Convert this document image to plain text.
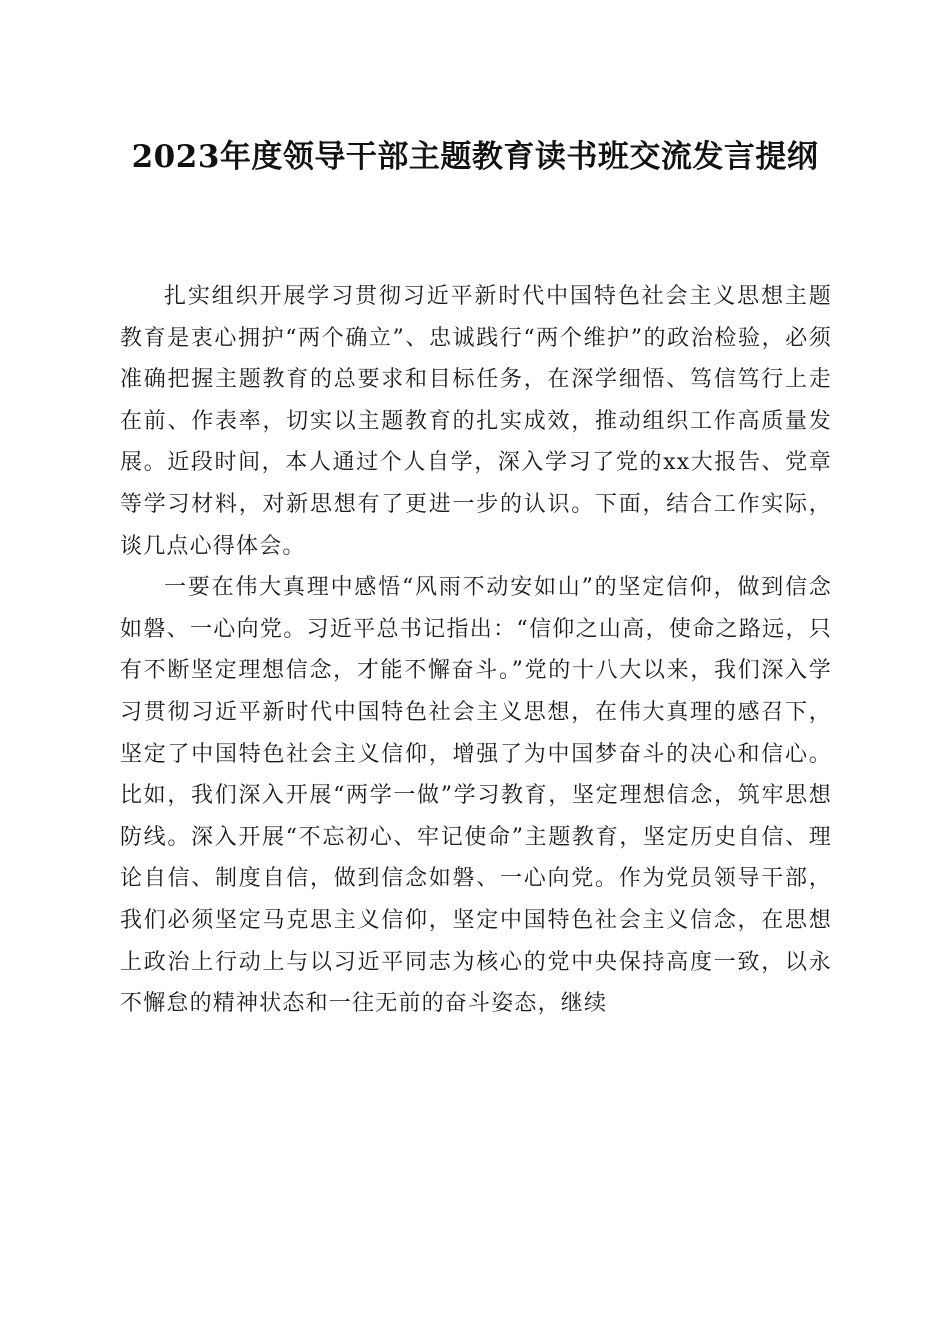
2023年度领导干部主题教育读书班交流发言提纲

扎实组织开展学习贯彻习近平新时代中国特色社会主义思想主题教育是衷心拥护“两个确立”、忠诚践行“两个维护”的政治检验，必须准确把握主题教育的总要求和目标任务，在深学细悟、笃信笃行上走在前、作表率，切实以主题教育的扎实成效，推动组织工作高质量发展。近段时间，本人通过个人自学，深入学习了党的xx大报告、党章等学习材料，对新思想有了更进一步的认识。下面，结合工作实际，谈几点心得体会。

一要在伟大真理中感悟“风雨不动安如山”的坚定信仰，做到信念如磐、一心向党。习近平总书记指出：“信仰之山高，使命之路远，只有不断坚定理想信念，才能不懈奋斗。”党的十八大以来，我们深入学习贯彻习近平新时代中国特色社会主义思想，在伟大真理的感召下，坚定了中国特色社会主义信仰，增强了为中国梦奋斗的决心和信心。比如，我们深入开展“两学一做”学习教育，坚定理想信念，筑牢思想防线。深入开展“不忘初心、牢记使命”主题教育，坚定历史自信、理论自信、制度自信，做到信念如磐、一心向党。作为党员领导干部，我们必须坚定马克思主义信仰，坚定中国特色社会主义信念，在思想上政治上行动上与以习近平同志为核心的党中央保持高度一致，以永不懈怠的精神状态和一往无前的奋斗姿态，继续
